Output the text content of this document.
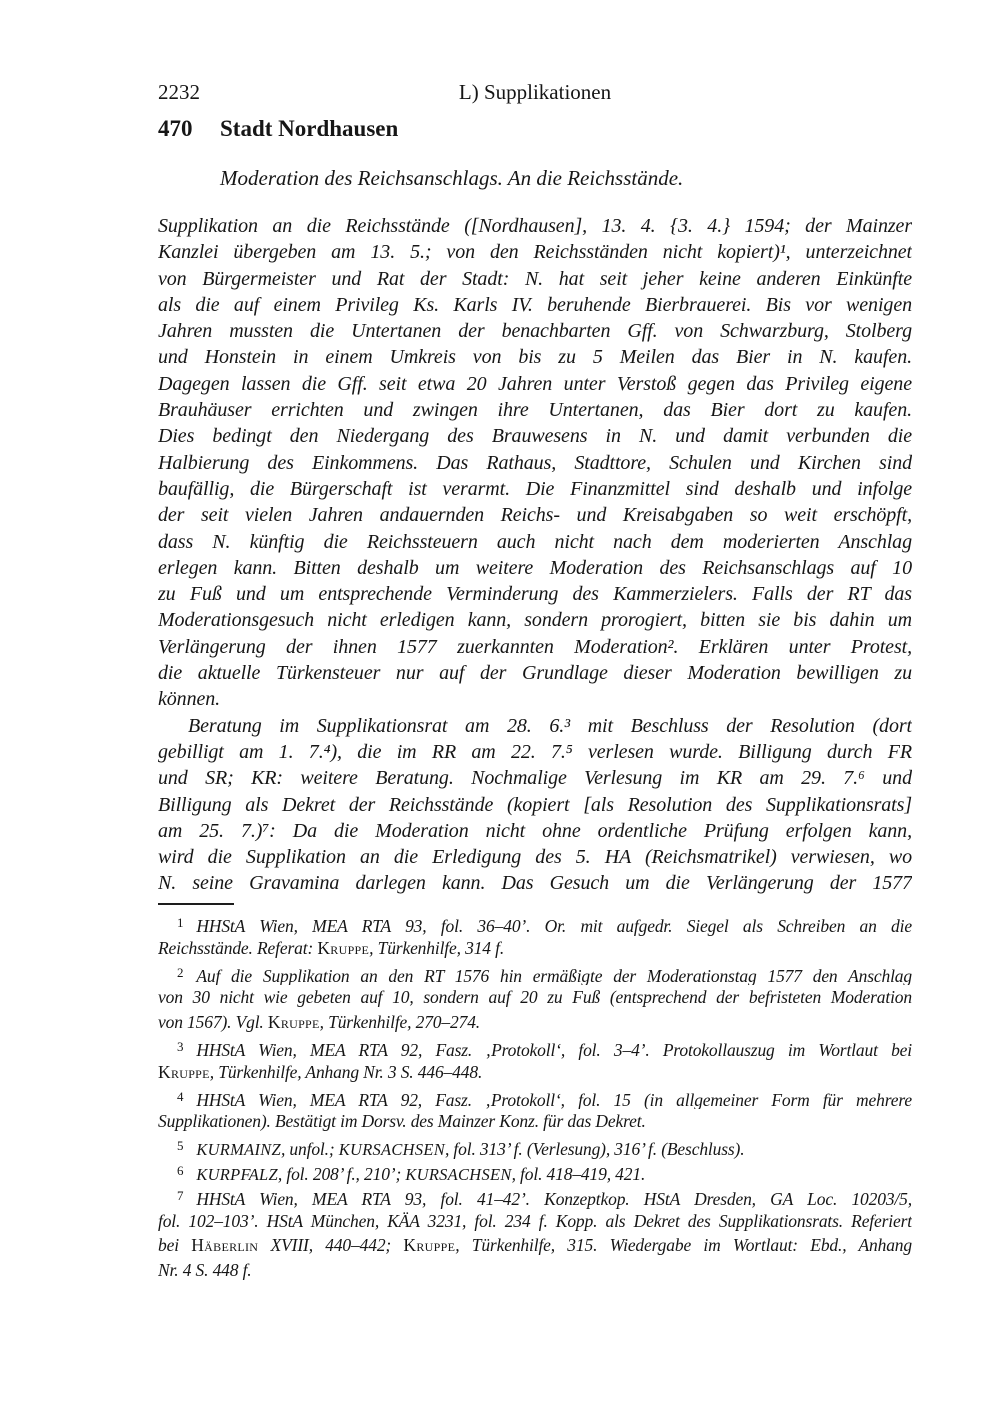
2232	L) Supplikationen
470 Stadt Nordhausen
Moderation des Reichsanschlags. An die Reichsstände.
Supplikation an die Reichsstände ([Nordhausen], 13. 4. {3. 4.} 1594; der Mainzer
Kanzlei übergeben am 13. 5.; von den Reichsständen nicht kopiert)¹, unterzeichnet
von Bürgermeister und Rat der Stadt: N. hat seit jeher keine anderen Einkünfte
als die auf einem Privileg Ks. Karls IV. beruhende Bierbrauerei. Bis vor wenigen
Jahren mussten die Untertanen der benachbarten Gff. von Schwarzburg, Stolberg
und Honstein in einem Umkreis von bis zu 5 Meilen das Bier in N. kaufen.
Dagegen lassen die Gff. seit etwa 20 Jahren unter Verstoß gegen das Privileg eigene
Brauhäuser errichten und zwingen ihre Untertanen, das Bier dort zu kaufen.
Dies bedingt den Niedergang des Brauwesens in N. und damit verbunden die
Halbierung des Einkommens. Das Rathaus, Stadttore, Schulen und Kirchen sind
baufällig, die Bürgerschaft ist verarmt. Die Finanzmittel sind deshalb und infolge
der seit vielen Jahren andauernden Reichs- und Kreisabgaben so weit erschöpft,
dass N. künftig die Reichssteuern auch nicht nach dem moderierten Anschlag
erlegen kann. Bitten deshalb um weitere Moderation des Reichsanschlags auf 10
zu Fuß und um entsprechende Verminderung des Kammerzielers. Falls der RT das
Moderationsgesuch nicht erledigen kann, sondern prorogiert, bitten sie bis dahin um
Verlängerung der ihnen 1577 zuerkannten Moderation². Erklären unter Protest,
die aktuelle Türkensteuer nur auf der Grundlage dieser Moderation bewilligen zu
können.
Beratung im Supplikationsrat am 28. 6.³ mit Beschluss der Resolution (dort
gebilligt am 1. 7.⁴), die im RR am 22. 7.⁵ verlesen wurde. Billigung durch FR
und SR; KR: weitere Beratung. Nochmalige Verlesung im KR am 29. 7.⁶ und
Billigung als Dekret der Reichsstände (kopiert [als Resolution des Supplikationsrats]
am 25. 7.)⁷: Da die Moderation nicht ohne ordentliche Prüfung erfolgen kann,
wird die Supplikation an die Erledigung des 5. HA (Reichsmatrikel) verwiesen, wo
N. seine Gravamina darlegen kann. Das Gesuch um die Verlängerung der 1577
$^1$ HHStA Wien, MEA RTA 93, fol. 36–40’. Or. mit aufgedr. Siegel als Schreiben an die
Reichsstände. Referat: Kruppe, Türkenhilfe, 314 f.
$^2$ Auf die Supplikation an den RT 1576 hin ermäßigte der Moderationstag 1577 den Anschlag
von 30 nicht wie gebeten auf 10, sondern auf 20 zu Fuß (entsprechend der befristeten Moderation
von 1567). Vgl. Kruppe, Türkenhilfe, 270–274.
$^3$ HHStA Wien, MEA RTA 92, Fasz. ‚Protokoll‘, fol. 3–4’. Protokollauszug im Wortlaut bei
Kruppe, Türkenhilfe, Anhang Nr. 3 S. 446–448.
$^4$ HHStA Wien, MEA RTA 92, Fasz. ‚Protokoll‘, fol. 15 (in allgemeiner Form für mehrere
Supplikationen). Bestätigt im Dorsv. des Mainzer Konz. für das Dekret.
$^5$ KURMAINZ, unfol.; KURSACHSEN, fol. 313’ f. (Verlesung), 316’ f. (Beschluss).
$^6$ KURPFALZ, fol. 208’ f., 210’; KURSACHSEN, fol. 418–419, 421.
$^7$ HHStA Wien, MEA RTA 93, fol. 41–42’. Konzeptkop. HStA Dresden, GA Loc. 10203/5,
fol. 102–103’. HStA München, KÄA 3231, fol. 234 f. Kopp. als Dekret des Supplikationsrats. Referiert
bei Häberlin XVIII, 440–442; Kruppe, Türkenhilfe, 315. Wiedergabe im Wortlaut: Ebd., Anhang
Nr. 4 S. 448 f.
